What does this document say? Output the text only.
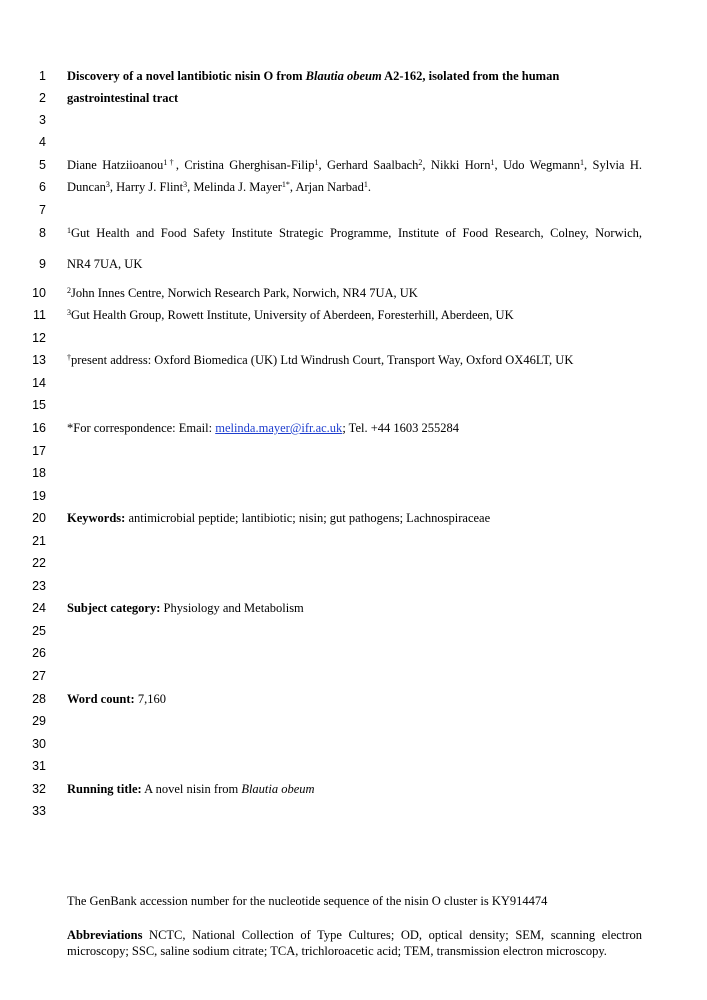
1
2
3
4
5
6
7
8
9
10
11
12
13
14
15
16
17
18
19
20
21
22
23
24
25
26
27
28
29
30
31
32
33
Discovery of a novel lantibiotic nisin O from Blautia obeum A2-162, isolated from the human
gastrointestinal tract
Diane Hatziioanou$^{1\dagger}$, Cristina Gherghisan-Filip$^1$, Gerhard Saalbach$^2$, Nikki Horn$^1$, Udo Wegmann$^1$, Sylvia H.
Duncan$^3$, Harry J. Flint$^3$, Melinda J. Mayer$^{1*}$, Arjan Narbad$^1$.
$^1$Gut Health and Food Safety Institute Strategic Programme, Institute of Food Research, Colney, Norwich,
NR4 7UA, UK
$^2$John Innes Centre, Norwich Research Park, Norwich, NR4 7UA, UK
$^3$Gut Health Group, Rowett Institute, University of Aberdeen, Foresterhill, Aberdeen, UK
†present address: Oxford Biomedica (UK) Ltd Windrush Court, Transport Way, Oxford OX46LT, UK
*For correspondence: Email: melinda.mayer@ifr.ac.uk; Tel. +44 1603 255284
Keywords: antimicrobial peptide; lantibiotic; nisin; gut pathogens; Lachnospiraceae
Subject category: Physiology and Metabolism
Word count: 7,160
Running title: A novel nisin from Blautia obeum
The GenBank accession number for the nucleotide sequence of the nisin O cluster is KY914474
Abbreviations NCTC, National Collection of Type Cultures; OD, optical density; SEM, scanning electron microscopy; SSC, saline sodium citrate; TCA, trichloroacetic acid; TEM, transmission electron microscopy.
